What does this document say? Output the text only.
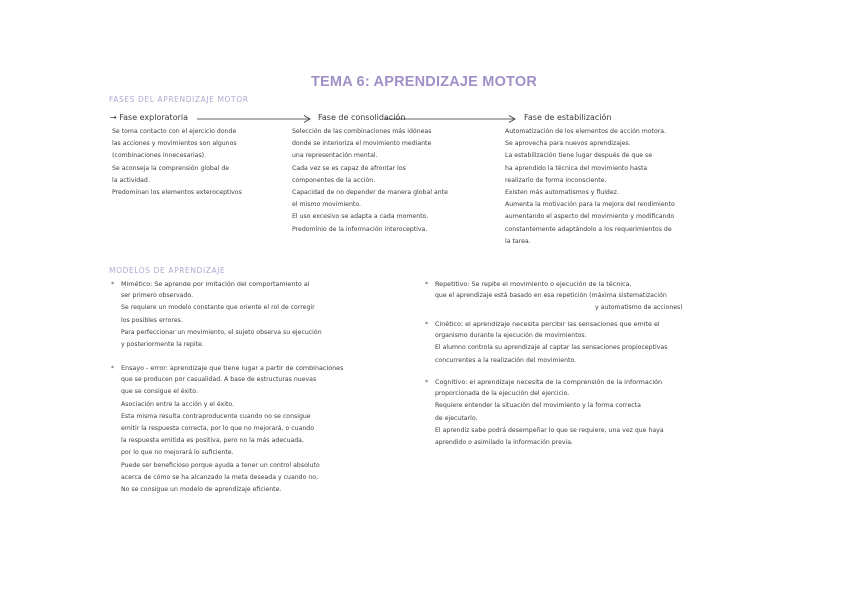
TEMA 6: APRENDIZAJE MOTOR
FASES DEL APRENDIZAJE MOTOR
→ Fase exploratoria	Fase de consolidación	Fase de estabilización
Se toma contacto con el ejercicio donde
las acciones y movimientos son algunos
(combinaciones innecesarias).
Se aconseja la comprensión global de
la actividad.
Predominan los elementos exteroceptivos
Selección de las combinaciones más idóneas
donde se interioriza el movimiento mediante
una representación mental.
Cada vez se es capaz de afrontar los
componentes de la acción.
Capacidad de no depender de manera global ante
el mismo movimiento.
El uso excesivo se adapta a cada momento.
Predominio de la información interoceptiva.
Automatización de los elementos de acción motora.
Se aprovecha para nuevos aprendizajes.
La estabilización tiene lugar después de que se
ha aprendido la técnica del movimiento hasta
realizarlo de forma inconsciente.
Existen más automatismos y fluidez.
Aumenta la motivación para la mejora del rendimiento
aumentando el aspecto del movimiento y modificando
constantemente adaptándolo a los requerimientos de
la tarea.
MODELOS DE APRENDIZAJE
* Mimético: Se aprende por imitación del comportamiento al
ser primero observado.
Se requiere un modelo constante que oriente el rol de corregir
los posibles errores.
Para perfeccionar un movimiento, el sujeto observa su ejecución
y posteriormente la repite.
* Ensayo - error: aprendizaje que tiene lugar a partir de combinaciones
que se producen por casualidad. A base de estructuras nuevas
que se consigue el éxito.
Asociación entre la acción y el éxito.
Esta misma resulta contraproducente cuando no se consigue
emitir la respuesta correcta, por lo que no mejorará, o cuando
la respuesta emitida es positiva, pero no la más adecuada,
por lo que no mejorará lo suficiente.
Puede ser beneficioso porque ayuda a tener un control absoluto
acerca de cómo se ha alcanzado la meta deseada y cuando no,
No se consigue un modelo de aprendizaje eficiente.
* Repetitivo: Se repite el movimiento o ejecución de la técnica,
que el aprendizaje está basado en esa repetición (máxima sistematización
y automatismo de acciones)
* Cinético: el aprendizaje necesita percibir las sensaciones que emite el
organismo durante la ejecución de movimientos.
El alumno controla su aprendizaje al captar las sensaciones propioceptivas
concurrentes a la realización del movimiento.
* Cognitivo: el aprendizaje necesita de la comprensión de la información
proporcionada de la ejecución del ejercicio.
Requiere entender la situación del movimiento y la forma correcta
de ejecutarlo.
El aprendiz sabe podrá desempeñar lo que se requiere, una vez que haya
aprendido o asimilado la información previa.
